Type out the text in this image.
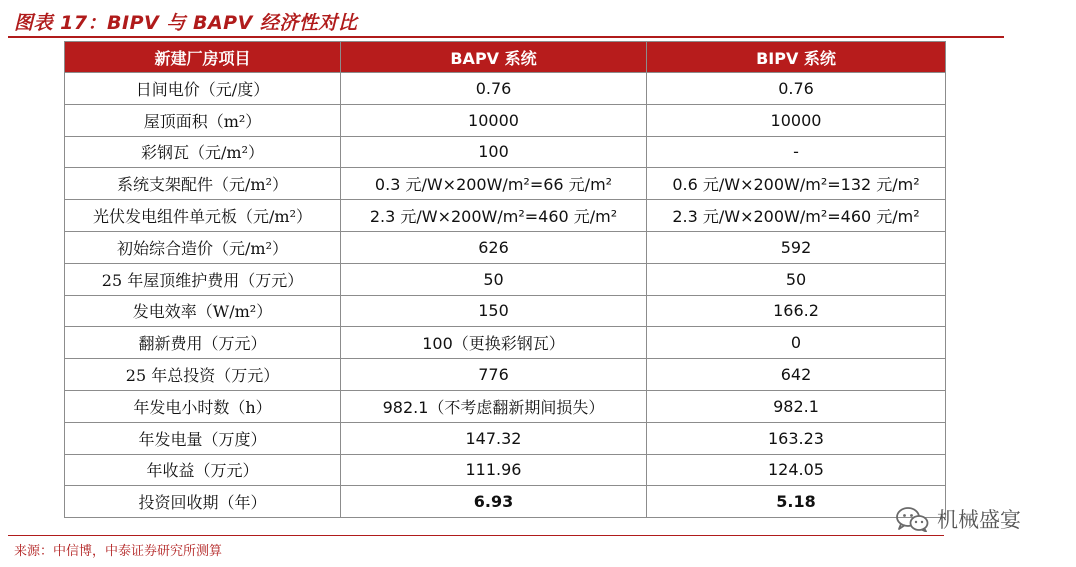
图表 17：BIPV 与 BAPV 经济性对比
新建厂房项目	BAPV 系统	BIPV 系统
日间电价（元/度）	0.76	0.76
屋顶面积（m²）	10000	10000
彩钢瓦（元/m²）	100	-
系统支架配件（元/m²）	0.3 元/W×200W/m²=66 元/m²	0.6 元/W×200W/m²=132 元/m²
光伏发电组件单元板（元/m²）	2.3 元/W×200W/m²=460 元/m²	2.3 元/W×200W/m²=460 元/m²
初始综合造价（元/m²）	626	592
25 年屋顶维护费用（万元）	50	50
发电效率（W/m²）	150	166.2
翻新费用（万元）	100（更换彩钢瓦）	0
25 年总投资（万元）	776	642
年发电小时数（h）	982.1（不考虑翻新期间损失）	982.1
年发电量（万度）	147.32	163.23
年收益（万元）	111.96	124.05
投资回收期（年）	6.93	5.18
来源：中信博，中泰证券研究所测算
机械盛宴
